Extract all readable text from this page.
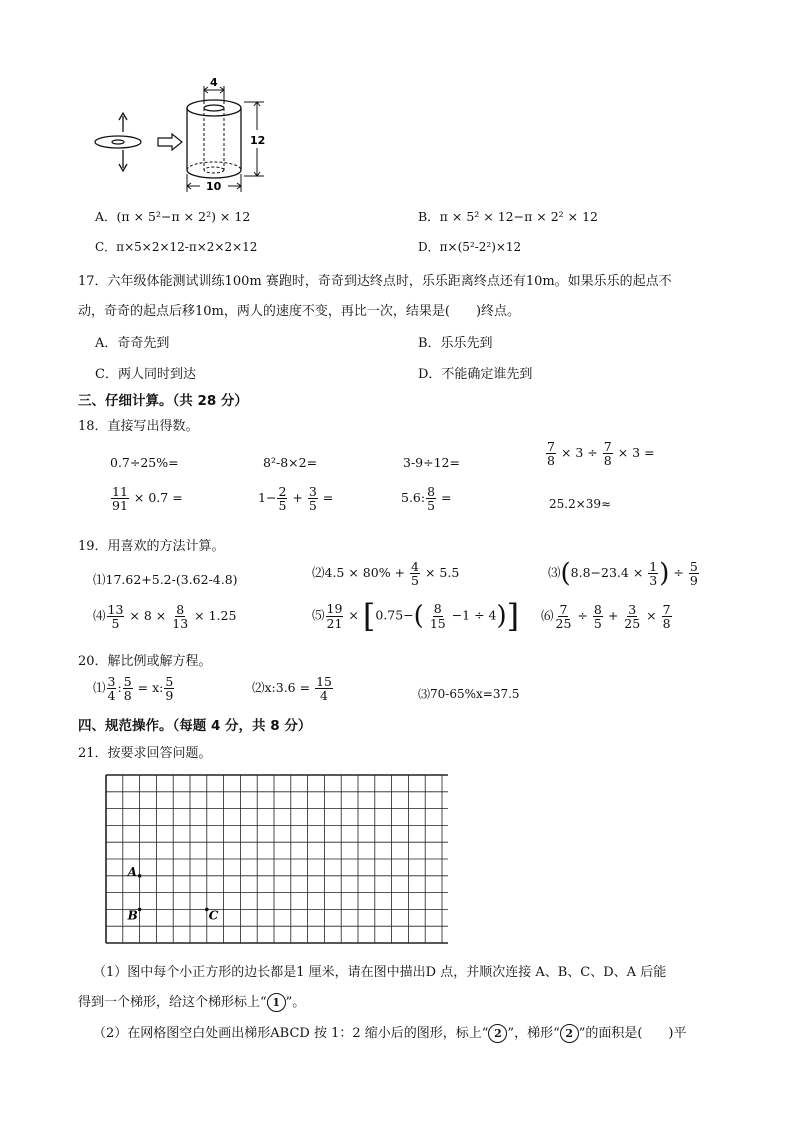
4
12
10
A．(π × 5²−π × 2²) × 12	B．π × 5² × 12−π × 2² × 12
C．π×5×2×12-π×2×2×12	D．π×(5²-2²)×12
17．六年级体能测试训练100m 赛跑时，奇奇到达终点时，乐乐距离终点还有10m。如果乐乐的起点不
动，奇奇的起点后移10m，两人的速度不变，再比一次，结果是(　　)终点。
A．奇奇先到	B．乐乐先到
C．两人同时到达	D．不能确定谁先到
三、仔细计算。（共 28 分）
18．直接写出得数。
0.7÷25%=	8²-8×2=	3-9÷12=	$\frac{7}{8} \times 3 \div \frac{7}{8} \times 3$ =
$\frac{11}{91} \times 0.7$ =	$1- \frac{2}{5} + \frac{3}{5}$ =	5.6: $\frac{8}{5}$ =	25.2×39≈
19．用喜欢的方法计算。
⑴17.62+5.2-(3.62-4.8)	⑵4.5 × $80\% + \frac{4}{5} \times 5.5$	⑶(8.8−23.4 × $\frac{1}{3}$ ) ÷ $\frac{5}{9}$
⑷ $\frac{13}{5} \times 8 \times \frac{8}{13} \times 1.25$	⑸ $\frac{19}{21} \times [0.75-( \frac{8}{15} -1 \div 4)]$ ⑹ $\frac{7}{25} \div \frac{8}{5} + \frac{3}{25} \times \frac{7}{8}$
20．解比例或解方程。
⑴ $\frac{3}{4}$ : $\frac{5}{8} = x$: $\frac{5}{9}$	⑵x:3.6 = $\frac{15}{4}$	⑶70-65%x=37.5
四、规范操作。（每题 4 分，共 8 分）
21．按要求回答问题。
A
B	C
（1）图中每个小正方形的边长都是1 厘米，请在图中描出D 点，并顺次连接 A、B、C、D、A 后能
得到一个梯形，给这个梯形标上“ 1 ”。
（2）在网格图空白处画出梯形ABCD 按 1：2 缩小后的图形，标上“ 2 ”，梯形“ 2 ”的面积是(　　)平
